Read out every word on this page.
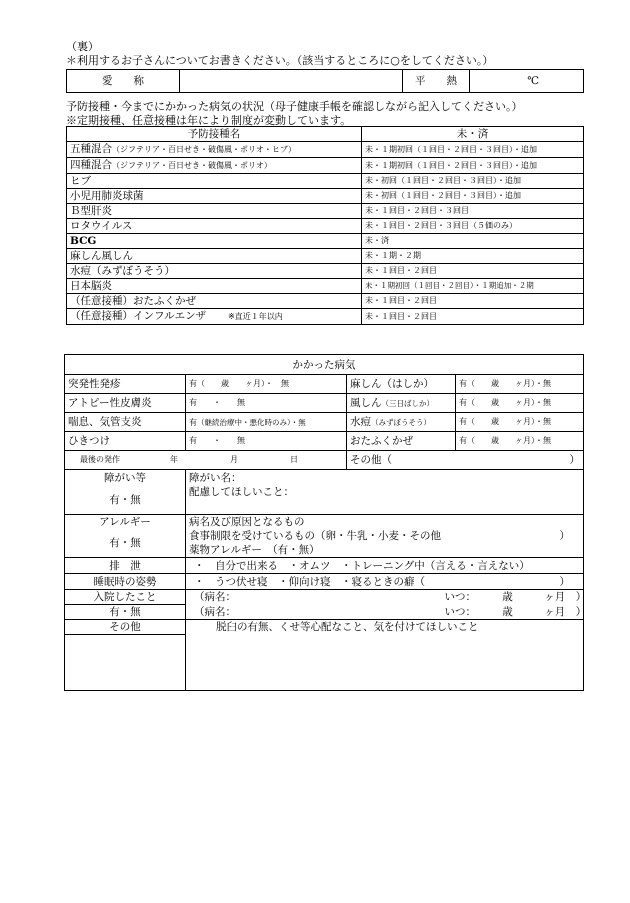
（裏）
＊利用するお子さんについてお書きください。（該当するところに○をしてください。）
愛　　称		平　　熱	℃
予防接種・今までにかかった病気の状況（母子健康手帳を確認しながら記入してください。）
※定期接種、任意接種は年により制度が変動しています。
予防接種名	未・済
五種混合（ジフテリア・百日せき・破傷風・ポリオ・ヒブ）	未・１期初回（１回目・２回目・３回目）・追加
四種混合（ジフテリア・百日せき・破傷風・ポリオ）	未・１期初回（１回目・２回目・３回目）・追加
ヒブ	未・初回（１回目・２回目・３回目）・追加
小児用肺炎球菌	未・初回（１回目・２回目・３回目）・追加
Ｂ型肝炎	未・１回目・２回目・３回目
ロタウイルス	未・１回目・２回目・３回目（５価のみ）
BCG	未・済
麻しん風しん	未・１期・２期
水痘（みずぼうそう）	未・１回目・２回目
日本脳炎	未・１期初回（１回目・２回目）・１期追加・２期
（任意接種）おたふくかぜ	未・１回目・２回目
（任意接種）インフルエンザ ※直近１年以内	未・１回目・２回目
かかった病気			
突発性発疹	有（　　歳　　ヶ月）・　無	麻しん（はしか）	有（　　歳　　ヶ月）・無
アトピー性皮膚炎	有　　・　　無	風しん（三日ばしか）	有（　　歳　　ヶ月）・無
喘息、気管支炎	有（継続治療中・悪化時のみ）・無	水痘（みずぼうそう）	有（　　歳　　ヶ月）・無
ひきつけ	有　　・　　無	おたふくかぜ	有（　　歳　　ヶ月）・無
最後の発作 年 月 日		その他（ ）	

障がい等	障がい名：		
有・無	配慮してほしいこと：		
アレルギー	病名及び原因となるもの		
有・無	食事制限を受けているもの（卵・牛乳・小麦・その他 ）		

	薬物アレルギー　（有・無）		
排　泄	・　自分で出来る　・オムツ　・トレーニング中（言える・言えない）		
睡眠時の姿勢	・　うつ伏せ寝　・仰向け寝　・寝るときの癖（ ）		

入院したこと	（病名： いつ：　　　歳　　　ヶ月　）		

有・無	（病名： いつ：　　　歳　　　ヶ月　）		

その他	脱臼の有無、くせ等心配なこと、気を付けてほしいこと		
